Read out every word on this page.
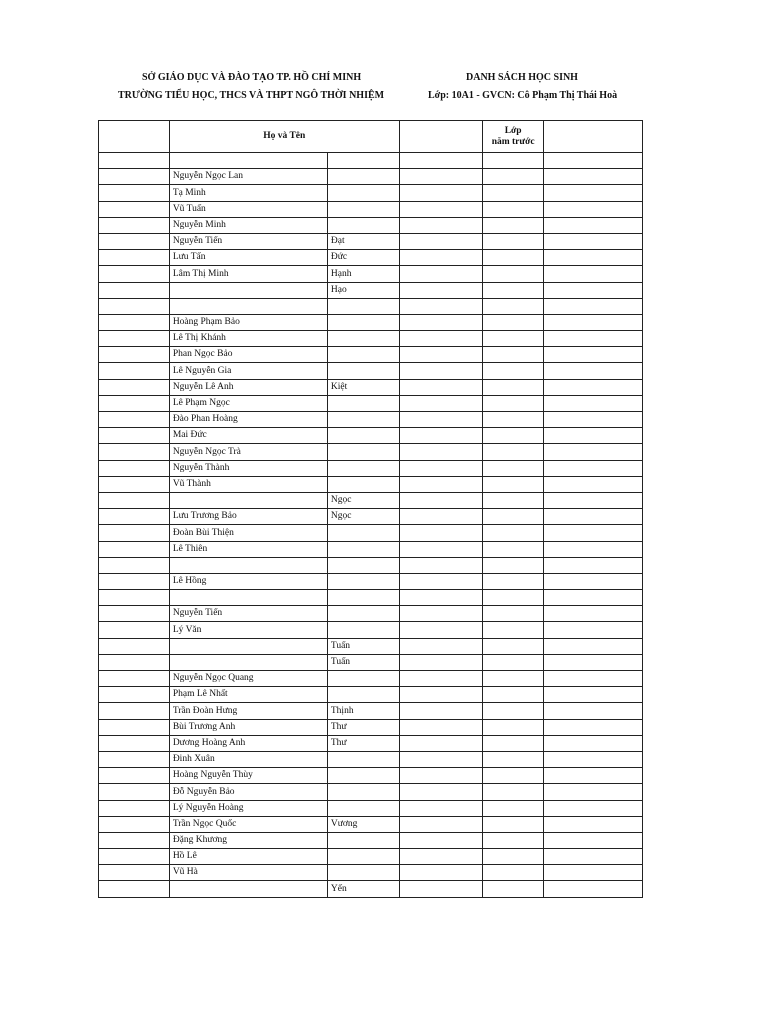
SỞ GIÁO DỤC VÀ ĐÀO TẠO TP. HỒ CHÍ MINH
TRƯỜNG TIỂU HỌC, THCS VÀ THPT NGÔ THỜI NHIỆM
DANH SÁCH HỌC SINH
Lớp: 10A1 - GVCN: Cô Phạm Thị Thái Hoà
	Họ và Tên			Lớp
năm trước	

	Nguyễn Ngọc Lan				
	Tạ Minh				
	Vũ Tuấn				
	Nguyễn Minh				
	Nguyễn Tiến	Đạt			
	Lưu Tấn	Đức			
	Lâm Thị Minh	Hạnh			
		Hạo			

	Hoàng Phạm Bảo				
	Lê Thị Khánh				
	Phan Ngọc Bảo				
	Lê Nguyễn Gia				
	Nguyễn Lê Anh	Kiệt			
	Lê Phạm Ngọc				
	Đào Phan Hoàng				
	Mai Đức				
	Nguyễn Ngọc Trà				
	Nguyễn Thành				
	Vũ Thành				
		Ngọc			
	Lưu Trương Bảo	Ngọc			
	Đoàn Bùi Thiện				
	Lê Thiên				

	Lê Hồng				

	Nguyễn Tiến				
	Lý Văn				
		Tuấn			
		Tuấn			
	Nguyễn Ngọc Quang				
	Phạm Lê Nhất				
	Trần Đoàn Hưng	Thịnh			
	Bùi Trương Anh	Thư			
	Dương Hoàng Anh	Thư			
	Đinh Xuân				
	Hoàng Nguyễn Thùy				
	Đỗ Nguyễn Bảo				
	Lý Nguyễn Hoàng				
	Trần Ngọc Quốc	Vương			
	Đặng Khương				
	Hồ Lê				
	Vũ Hà				
		Yến			
